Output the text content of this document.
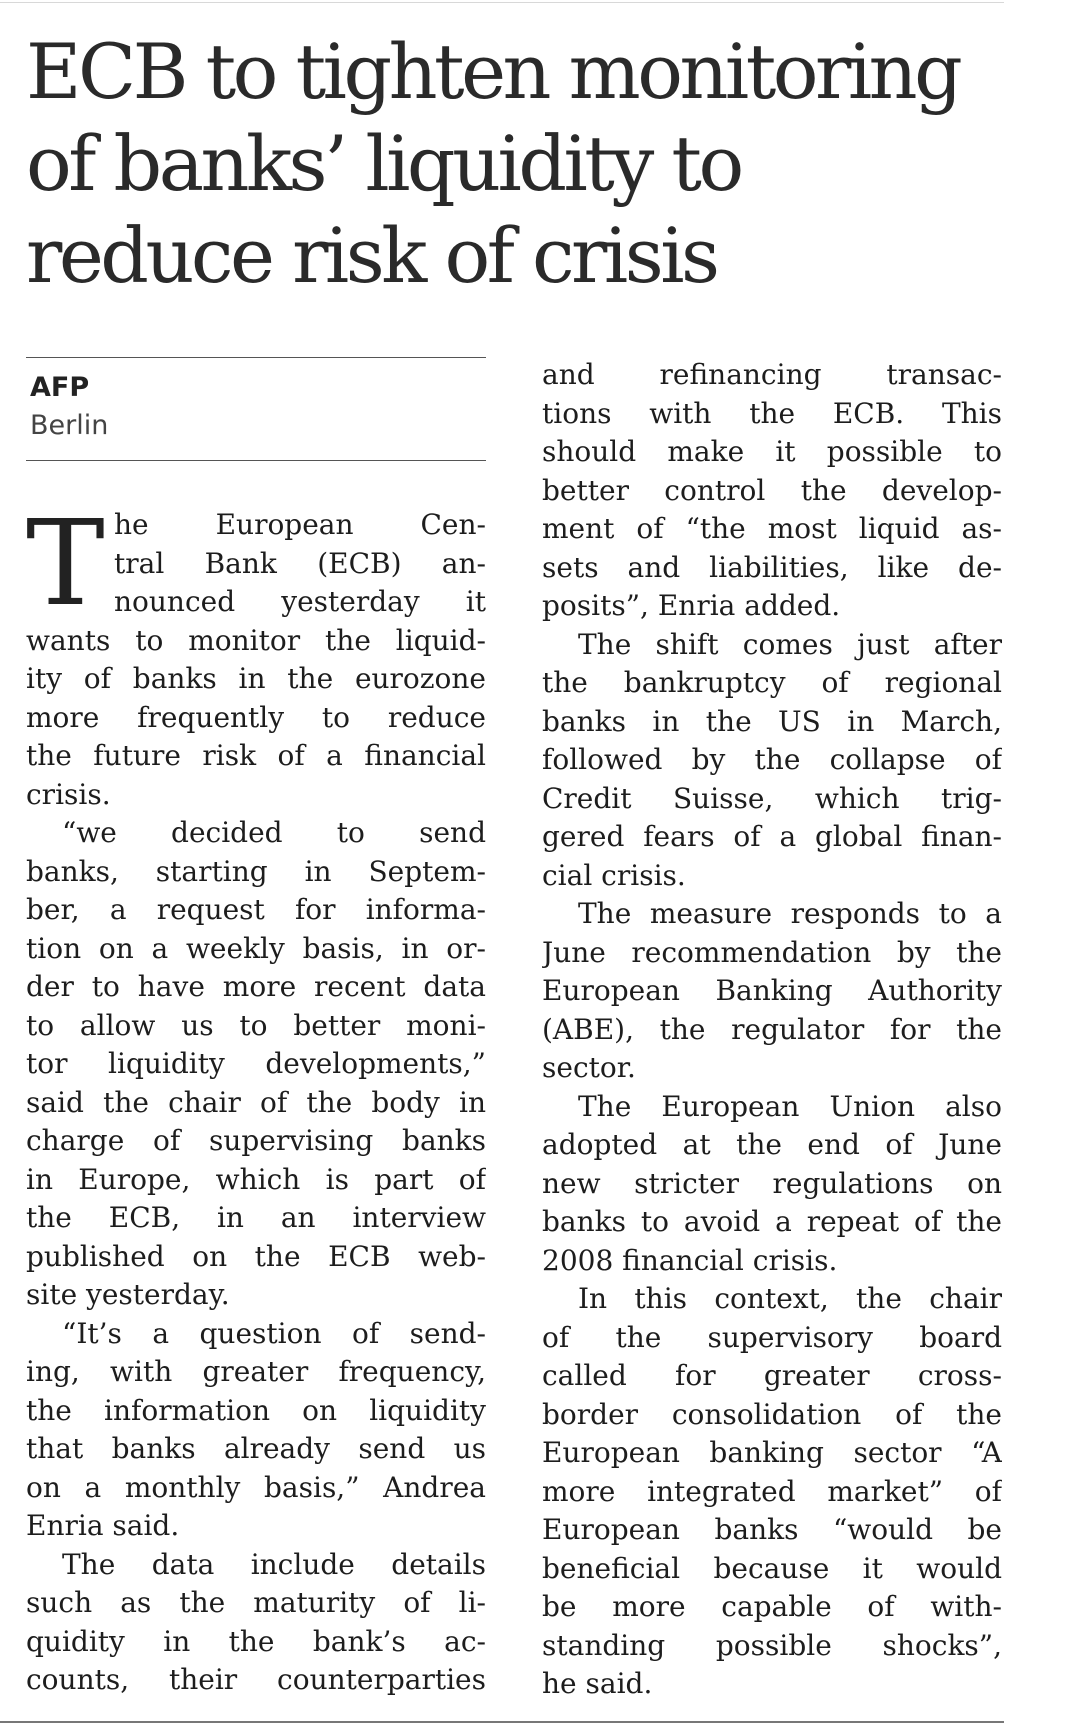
ECB to tighten monitoring
of banks’ liquidity to
reduce risk of crisis
AFP
Berlin
T he European Cen-
tral Bank (ECB) an-
nounced yesterday it
wants to monitor the liquid-
ity of banks in the eurozone
more frequently to reduce
the future risk of a financial
crisis.
“we decided to send
banks, starting in Septem-
ber, a request for informa-
tion on a weekly basis, in or-
der to have more recent data
to allow us to better moni-
tor liquidity developments,”
said the chair of the body in
charge of supervising banks
in Europe, which is part of
the ECB, in an interview
published on the ECB web-
site yesterday.
“It’s a question of send-
ing, with greater frequency,
the information on liquidity
that banks already send us
on a monthly basis,” Andrea
Enria said.
The data include details
such as the maturity of li-
quidity in the bank’s ac-
counts, their counterparties
and refinancing transac-
tions with the ECB. This
should make it possible to
better control the develop-
ment of “the most liquid as-
sets and liabilities, like de-
posits”, Enria added.
The shift comes just after
the bankruptcy of regional
banks in the US in March,
followed by the collapse of
Credit Suisse, which trig-
gered fears of a global finan-
cial crisis.
The measure responds to a
June recommendation by the
European Banking Authority
(ABE), the regulator for the
sector.
The European Union also
adopted at the end of June
new stricter regulations on
banks to avoid a repeat of the
2008 financial crisis.
In this context, the chair
of the supervisory board
called for greater cross-
border consolidation of the
European banking sector “A
more integrated market” of
European banks “would be
beneficial because it would
be more capable of with-
standing possible shocks”,
he said.
